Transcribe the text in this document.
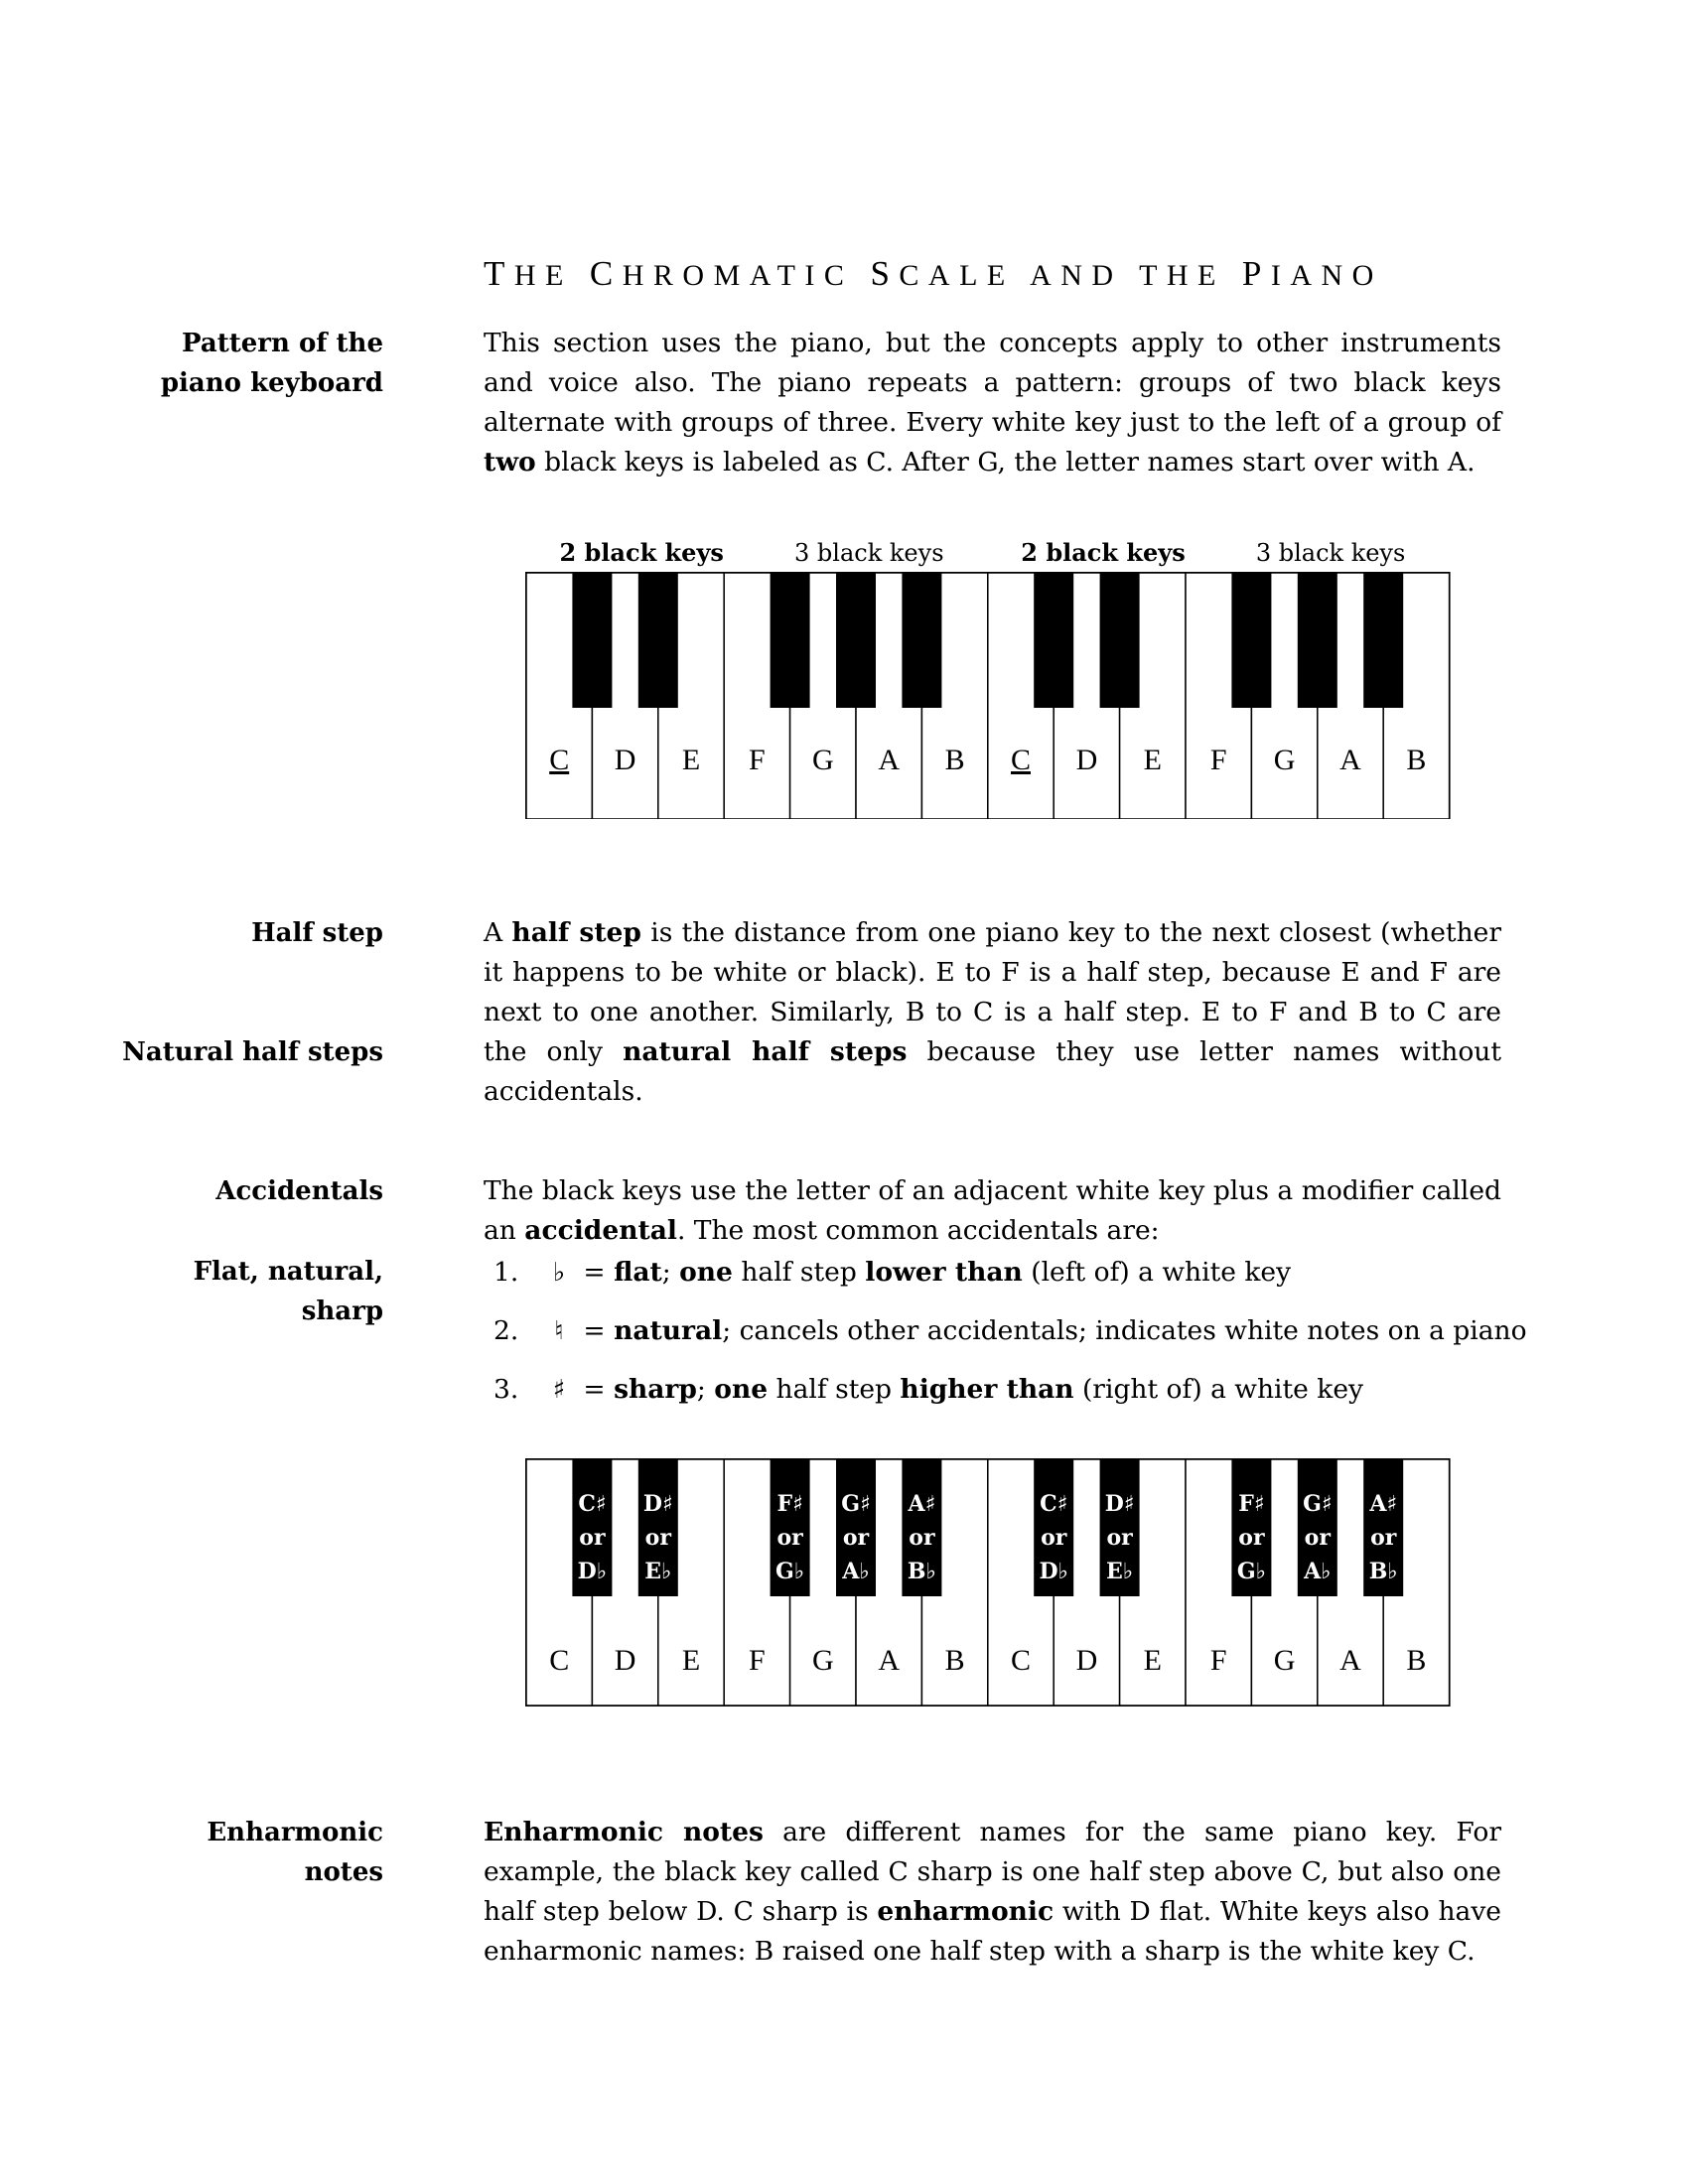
THE CHROMATIC SCALE AND THE PIANO
Pattern of the
piano keyboard
This section uses the piano, but the concepts apply to other instruments and voice also. The piano repeats a pattern: groups of two black keys alternate with groups of three. Every white key just to the left of a group of two black keys is labeled as C. After G, the letter names start over with A.
2 black keys	3 black keys	2 black keys	3 black keys
C D E F G A B C D E F G A B
Half step
Natural half steps
A half step is the distance from one piano key to the next closest (whether it happens to be white or black). E to F is a half step, because E and F are next to one another. Similarly, B to C is a half step. E to F and B to C are the only natural half steps because they use letter names without accidentals.
Accidentals
Flat, natural,
sharp
The black keys use the letter of an adjacent white key plus a modifier called an accidental. The most common accidentals are:
1. ♭ = flat; one half step lower than (left of) a white key
2. ♮ = natural; cancels other accidentals; indicates white notes on a piano
3. ♯ = sharp; one half step higher than (right of) a white key
C D E F G A B C D E F G A B
C♯
or
D♭
D♯
or
E♭
F♯
or
G♭
G♯
or
A♭
A♯
or
B♭
C♯
or
D♭
D♯
or
E♭
F♯
or
G♭
G♯
or
A♭
A♯
or
B♭
Enharmonic
notes
Enharmonic notes are different names for the same piano key. For example, the black key called C sharp is one half step above C, but also one half step below D. C sharp is enharmonic with D flat. White keys also have enharmonic names: B raised one half step with a sharp is the white key C.
